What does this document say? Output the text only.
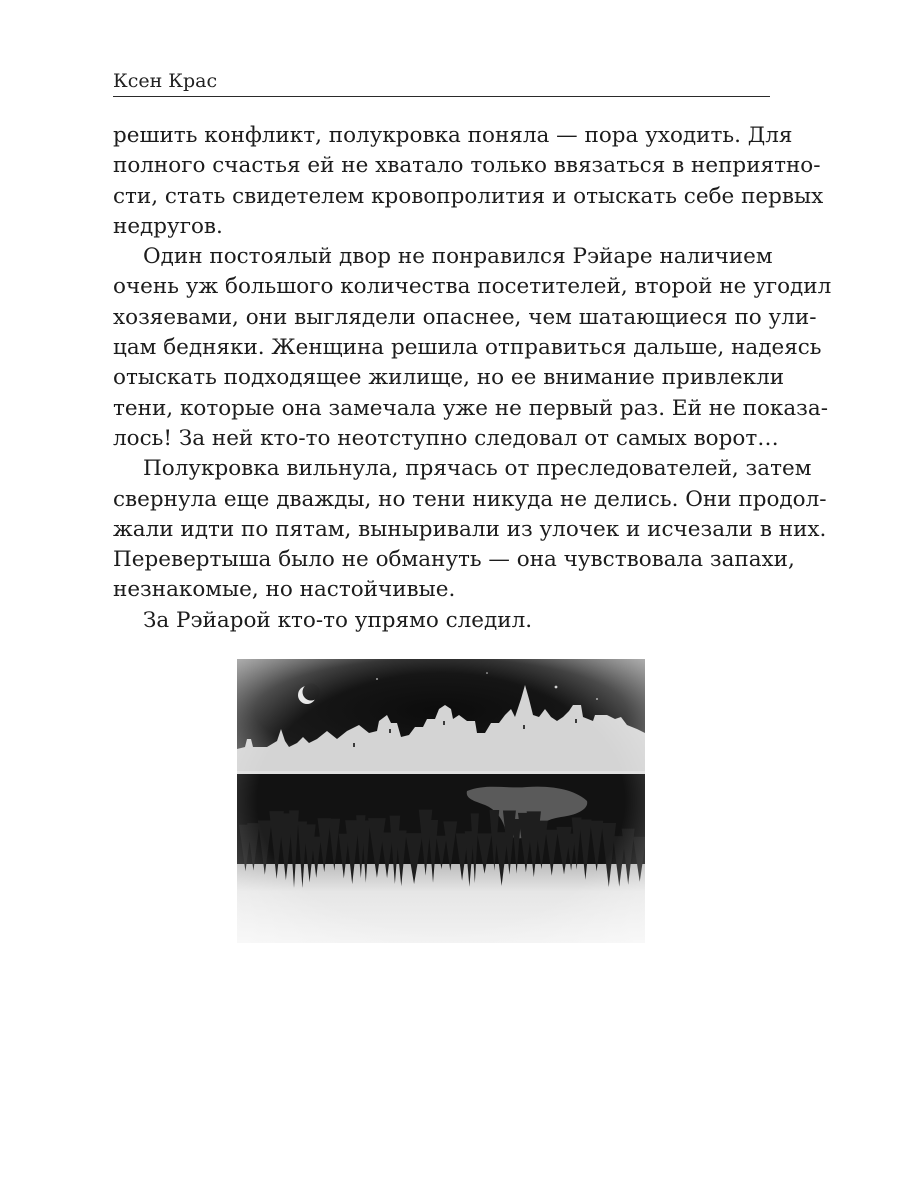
Ксен Крас

решить конфликт, полукровка поняла — пора уходить. Для
полного счастья ей не хватало только ввязаться в неприятно-
сти, стать свидетелем кровопролития и отыскать себе первых
недругов.

Один постоялый двор не понравился Рэйаре наличием
очень уж большого количества посетителей, второй не угодил
хозяевами, они выглядели опаснее, чем шатающиеся по ули-
цам бедняки. Женщина решила отправиться дальше, надеясь
отыскать подходящее жилище, но ее внимание привлекли
тени, которые она замечала уже не первый раз. Ей не показа-
лось! За ней кто-то неотступно следовал от самых ворот…

Полукровка вильнула, прячась от преследователей, затем
свернула еще дважды, но тени никуда не делись. Они продол-
жали идти по пятам, выныривали из улочек и исчезали в них.
Перевертыша было не обмануть — она чувствовала запахи,
незнакомые, но настойчивые.

За Рэйарой кто-то упрямо следил.
